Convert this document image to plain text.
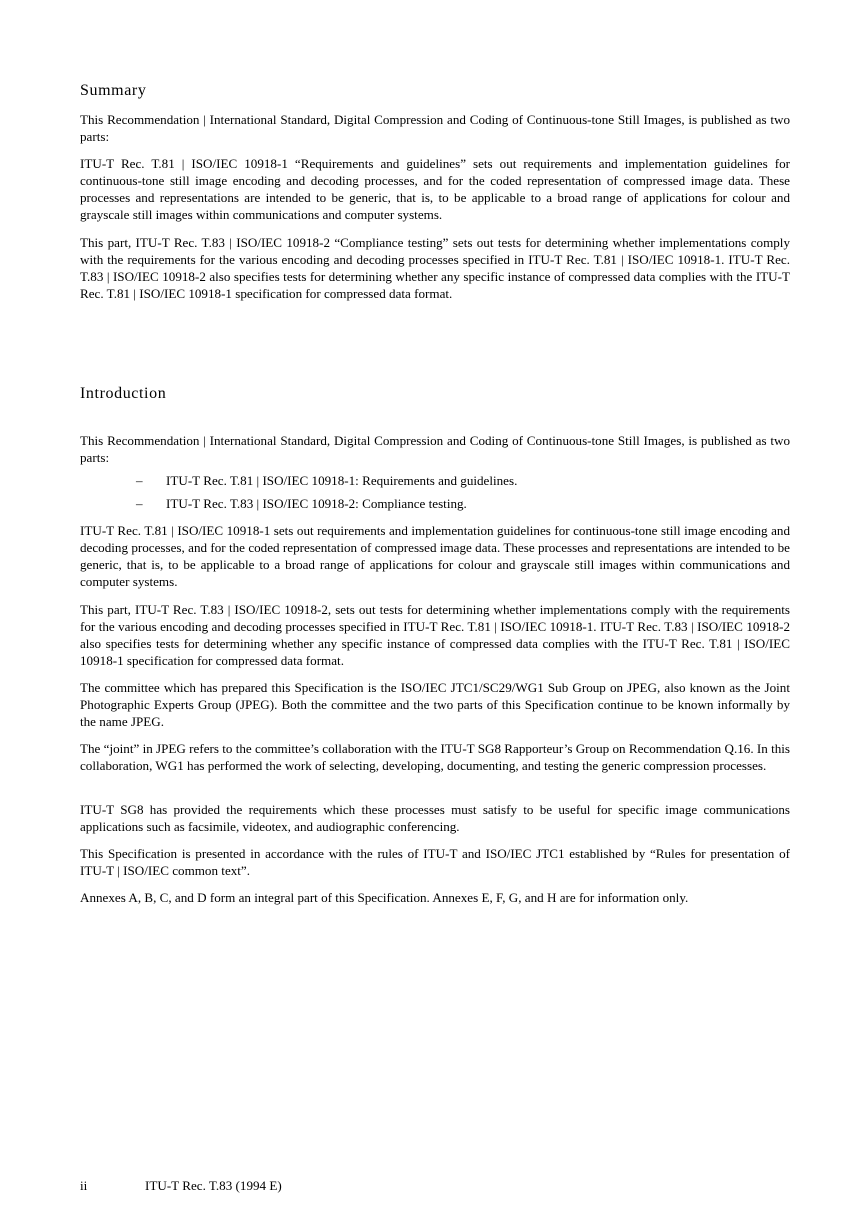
Summary

This Recommendation | International Standard, Digital Compression and Coding of Continuous-tone Still Images, is published as two parts:

ITU-T Rec. T.81 | ISO/IEC 10918-1 “Requirements and guidelines” sets out requirements and implementation guidelines for continuous-tone still image encoding and decoding processes, and for the coded representation of compressed image data. These processes and representations are intended to be generic, that is, to be applicable to a broad range of applications for colour and grayscale still images within communications and computer systems.

This part, ITU-T Rec. T.83 | ISO/IEC 10918-2 “Compliance testing” sets out tests for determining whether implementations comply with the requirements for the various encoding and decoding processes specified in ITU-T Rec. T.81 | ISO/IEC 10918-1. ITU-T Rec. T.83 | ISO/IEC 10918-2 also specifies tests for determining whether any specific instance of compressed data complies with the ITU-T Rec. T.81 | ISO/IEC 10918-1 specification for compressed data format.

Introduction

This Recommendation | International Standard, Digital Compression and Coding of Continuous-tone Still Images, is published as two parts:

– ITU-T Rec. T.81 | ISO/IEC 10918-1: Requirements and guidelines.
– ITU-T Rec. T.83 | ISO/IEC 10918-2: Compliance testing.

ITU-T Rec. T.81 | ISO/IEC 10918-1 sets out requirements and implementation guidelines for continuous-tone still image encoding and decoding processes, and for the coded representation of compressed image data. These processes and representations are intended to be generic, that is, to be applicable to a broad range of applications for colour and grayscale still images within communications and computer systems.

This part, ITU-T Rec. T.83 | ISO/IEC 10918-2, sets out tests for determining whether implementations comply with the requirements for the various encoding and decoding processes specified in ITU-T Rec. T.81 | ISO/IEC 10918-1. ITU-T Rec. T.83 | ISO/IEC 10918-2 also specifies tests for determining whether any specific instance of compressed data complies with the ITU-T Rec. T.81 | ISO/IEC 10918-1 specification for compressed data format.

The committee which has prepared this Specification is the ISO/IEC JTC1/SC29/WG1 Sub Group on JPEG, also known as the Joint Photographic Experts Group (JPEG). Both the committee and the two parts of this Specification continue to be known informally by the name JPEG.

The “joint” in JPEG refers to the committee’s collaboration with the ITU-T SG8 Rapporteur’s Group on Recommendation Q.16. In this collaboration, WG1 has performed the work of selecting, developing, documenting, and testing the generic compression processes.

ITU-T SG8 has provided the requirements which these processes must satisfy to be useful for specific image communications applications such as facsimile, videotex, and audiographic conferencing.

This Specification is presented in accordance with the rules of ITU-T and ISO/IEC JTC1 established by “Rules for presentation of ITU-T | ISO/IEC common text”.

Annexes A, B, C, and D form an integral part of this Specification. Annexes E, F, G, and H are for information only.

ii	ITU-T Rec. T.83 (1994 E)
